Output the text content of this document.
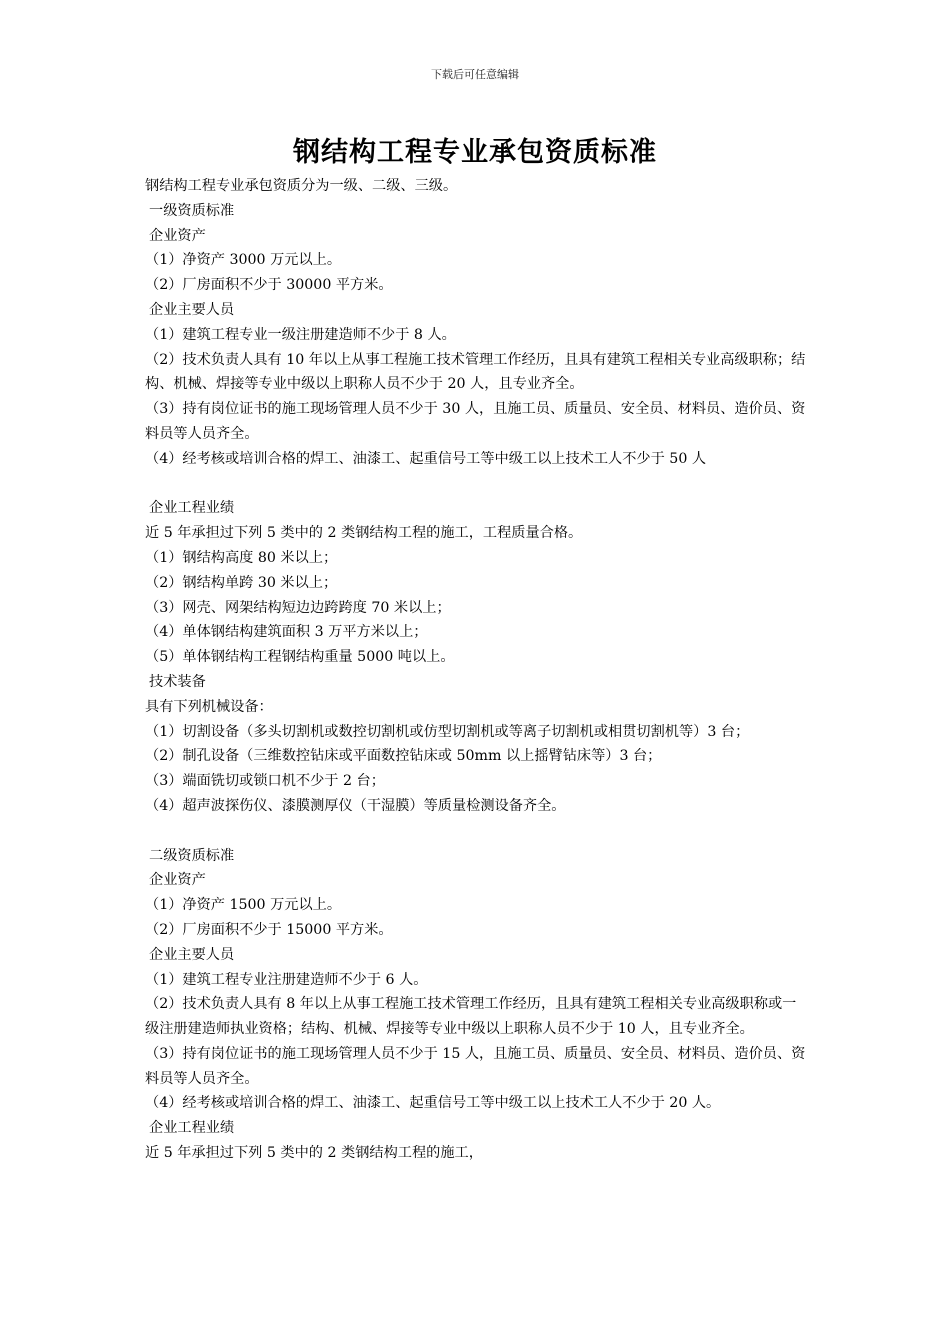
下载后可任意编辑
钢结构工程专业承包资质标准

钢结构工程专业承包资质分为一级、二级、三级。

一级资质标准

企业资产

（1）净资产 3000 万元以上。

（2）厂房面积不少于 30000 平方米。

企业主要人员

（1）建筑工程专业一级注册建造师不少于 8 人。

（2）技术负责人具有 10 年以上从事工程施工技术管理工作经历，且具有建筑工程相关专业高级职称；结构、机械、焊接等专业中级以上职称人员不少于 20 人，且专业齐全。

（3）持有岗位证书的施工现场管理人员不少于 30 人，且施工员、质量员、安全员、材料员、造价员、资料员等人员齐全。

（4）经考核或培训合格的焊工、油漆工、起重信号工等中级工以上技术工人不少于 50 人

企业工程业绩

近 5 年承担过下列 5 类中的 2 类钢结构工程的施工，工程质量合格。

（1）钢结构高度 80 米以上；

（2）钢结构单跨 30 米以上；

（3）网壳、网架结构短边边跨跨度 70 米以上；

（4）单体钢结构建筑面积 3 万平方米以上；

（5）单体钢结构工程钢结构重量 5000 吨以上。

技术装备

具有下列机械设备：

（1）切割设备（多头切割机或数控切割机或仿型切割机或等离子切割机或相贯切割机等）3 台；

（2）制孔设备（三维数控钻床或平面数控钻床或 50mm 以上摇臂钻床等）3 台；

（3）端面铣切或锁口机不少于 2 台；

（4）超声波探伤仪、漆膜测厚仪（干湿膜）等质量检测设备齐全。

二级资质标准

企业资产

（1）净资产 1500 万元以上。

（2）厂房面积不少于 15000 平方米。

企业主要人员

（1）建筑工程专业注册建造师不少于 6 人。

（2）技术负责人具有 8 年以上从事工程施工技术管理工作经历，且具有建筑工程相关专业高级职称或一级注册建造师执业资格；结构、机械、焊接等专业中级以上职称人员不少于 10 人，且专业齐全。

（3）持有岗位证书的施工现场管理人员不少于 15 人，且施工员、质量员、安全员、材料员、造价员、资料员等人员齐全。

（4）经考核或培训合格的焊工、油漆工、起重信号工等中级工以上技术工人不少于 20 人。

企业工程业绩

近 5 年承担过下列 5 类中的 2 类钢结构工程的施工，
